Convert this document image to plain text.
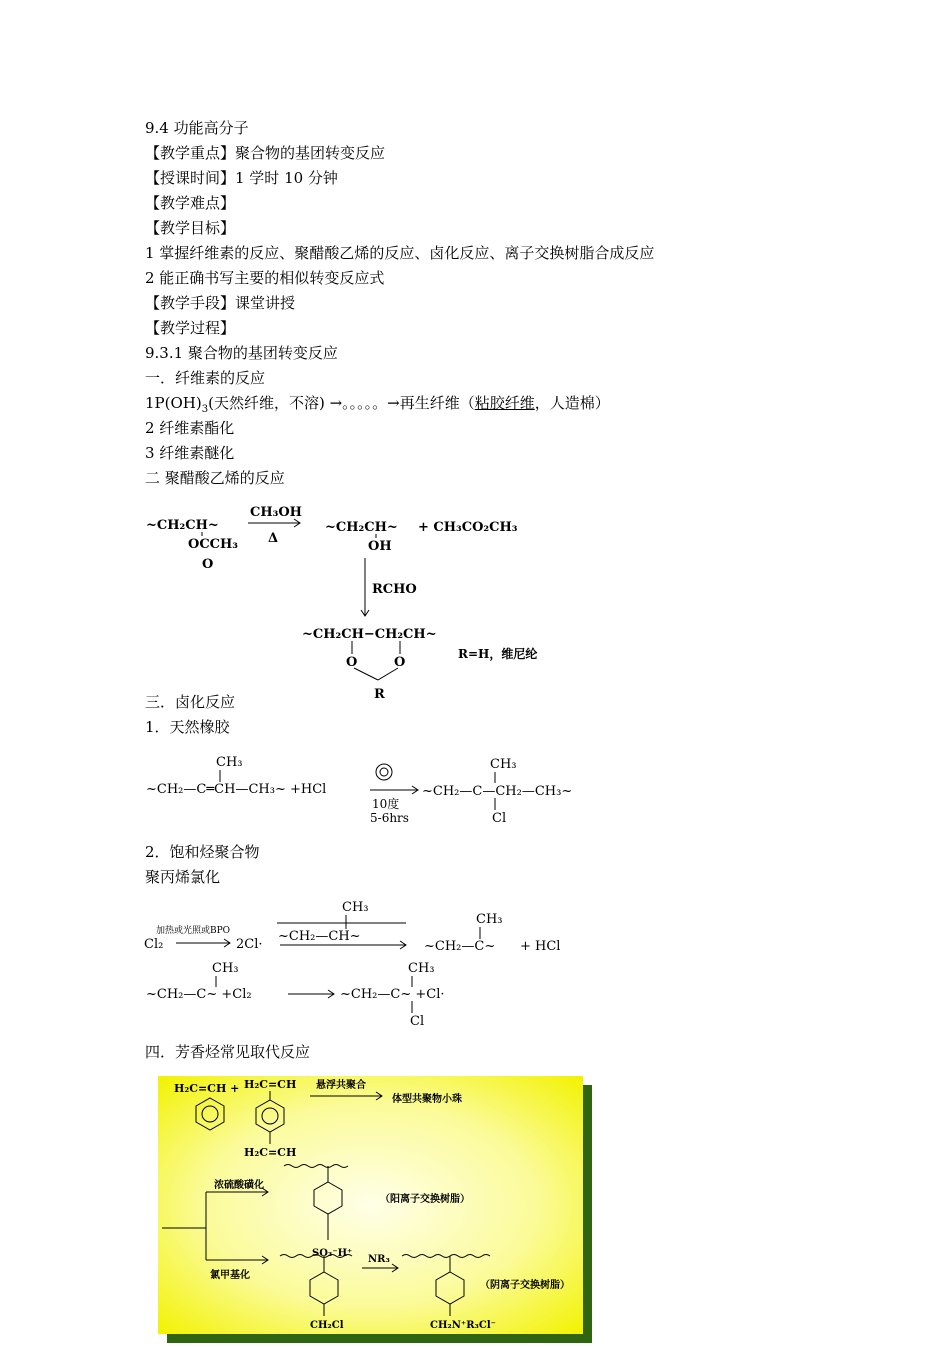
9.4 功能高分子
【教学重点】聚合物的基团转变反应
【授课时间】1 学时 10 分钟
【教学难点】
【教学目标】
1 掌握纤维素的反应、聚醋酸乙烯的反应、卤化反应、离子交换树脂合成反应
2 能正确书写主要的相似转变反应式
【教学手段】课堂讲授
【教学过程】
9.3.1 聚合物的基团转变反应
一．纤维素的反应
$1P(OH)_3$(天然纤维，不溶) →。。。。。→再生纤维（粘胶纤维，人造棉）
2 纤维素酯化
3 纤维素醚化
二 聚醋酸乙烯的反应
~CH₂CH~
OCCH₃
O
CH₃OH
Δ
~CH₂CH~
OH
+ CH₃CO₂CH₃
RCHO
~CH₂CH−CH₂CH~
O	O
R
R=H，维尼纶
三．卤化反应
1．天然橡胶
CH₃
~CH₂—C═CH—CH₃~ +HCl
10度
5-6hrs
CH₃
~CH₂—C—CH₂—CH₃~
Cl
2．饱和烃聚合物
聚丙烯氯化
Cl₂
加热或光照或BPO
2Cl·
CH₃
~CH₂—CH~
CH₃
~CH₂—C~ + HCl
CH₃
~CH₂—C~ +Cl₂
CH₃
~CH₂—C~ +Cl·
Cl
四．芳香烃常见取代反应
H₂C=CH + H₂C=CH
H₂C=CH
悬浮共聚合
体型共聚物小珠
浓硫酸磺化
SO₃⁻H⁺
（阳离子交换树脂）
氯甲基化
CH₂Cl
NR₃
CH₂N⁺R₃Cl⁻
（阴离子交换树脂）
